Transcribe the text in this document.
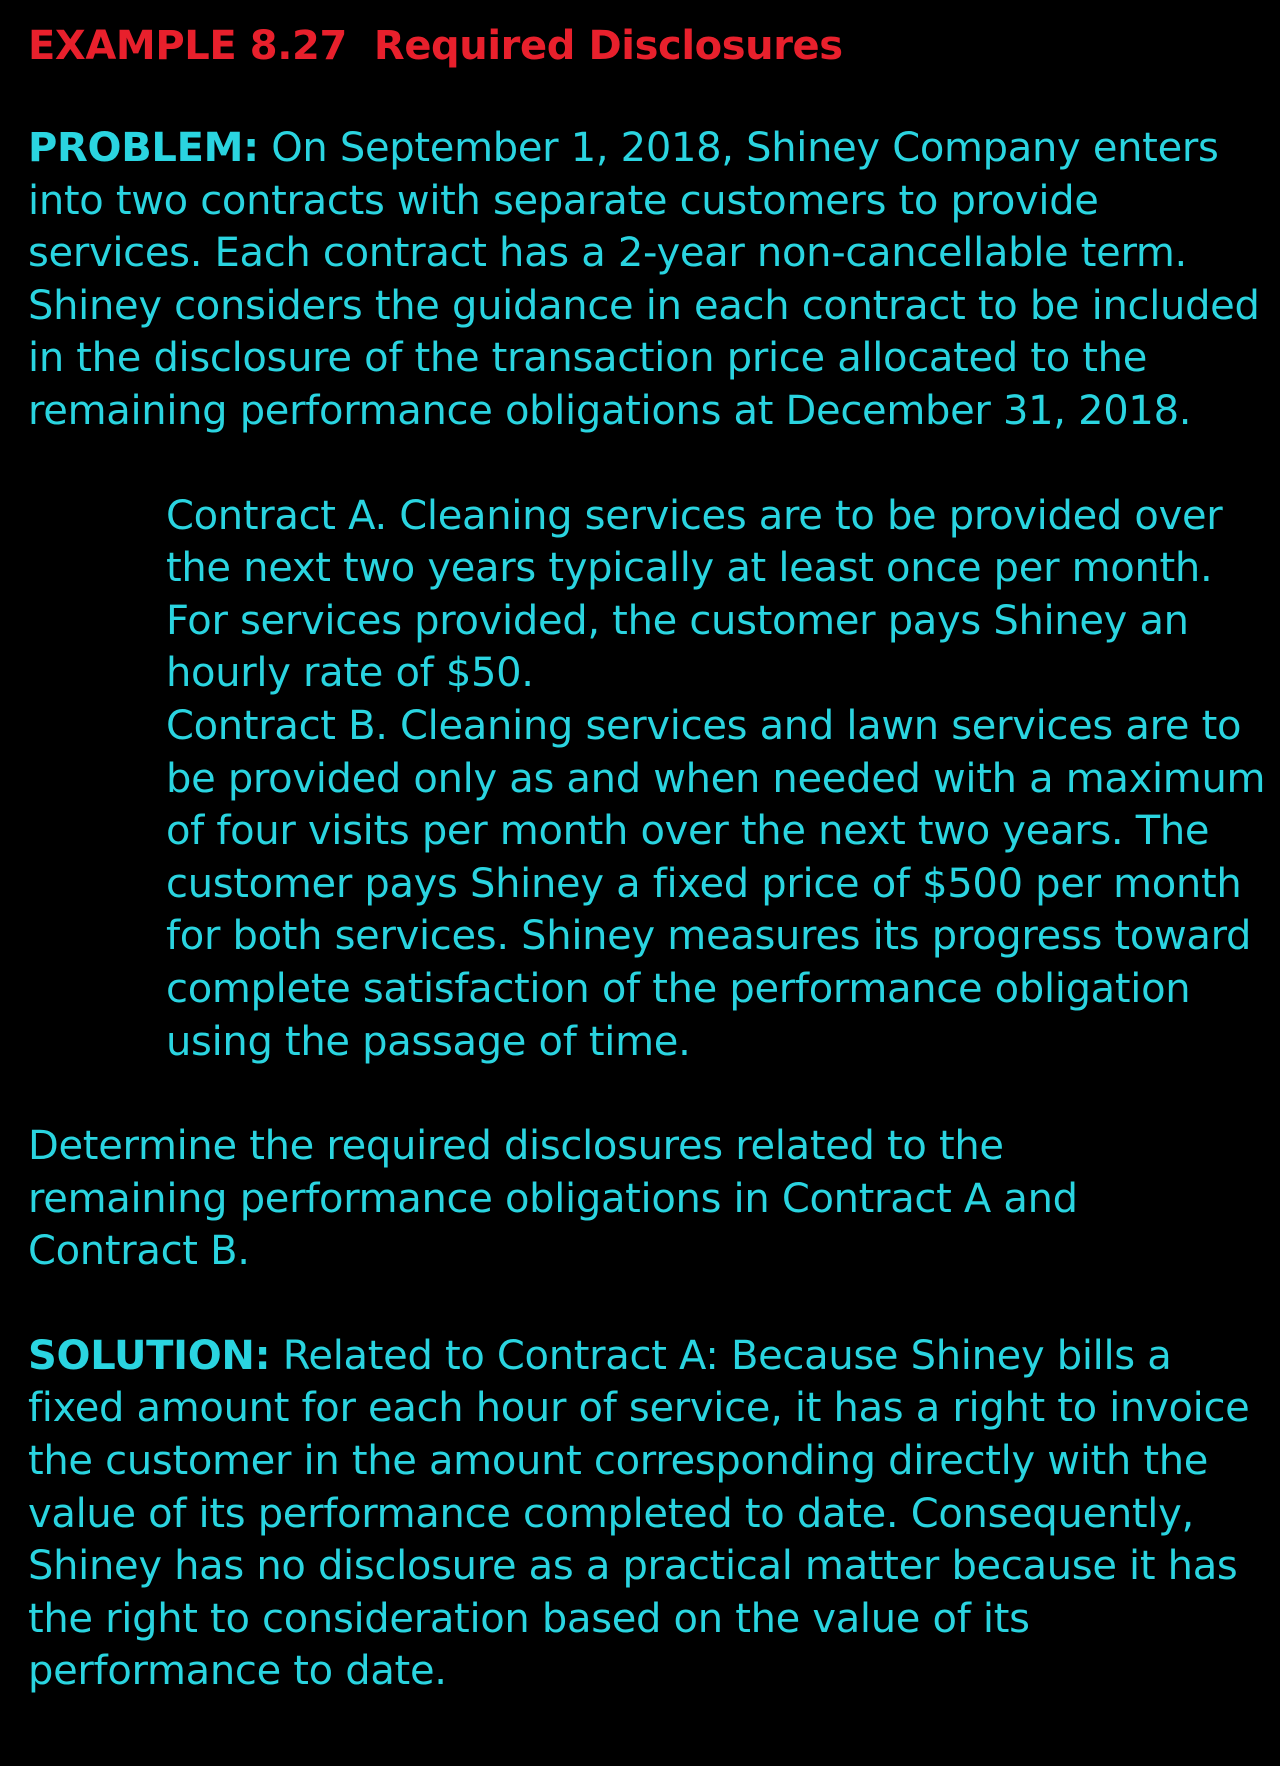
EXAMPLE 8.27  Required Disclosures

PROBLEM: On September 1, 2018, Shiney Company enters into two contracts with separate customers to provide services. Each contract has a 2-year non-cancellable term. Shiney considers the guidance in each contract to be included in the disclosure of the transaction price allocated to the remaining performance obligations at December 31, 2018.

Contract A. Cleaning services are to be provided over the next two years typically at least once per month. For services provided, the customer pays Shiney an hourly rate of $50.

Contract B. Cleaning services and lawn services are to be provided only as and when needed with a maximum of four visits per month over the next two years. The customer pays Shiney a fixed price of $500 per month for both services. Shiney measures its progress toward complete satisfaction of the performance obligation using the passage of time.

Determine the required disclosures related to the remaining performance obligations in Contract A and Contract B.

SOLUTION: Related to Contract A: Because Shiney bills a fixed amount for each hour of service, it has a right to invoice the customer in the amount corresponding directly with the value of its performance completed to date. Consequently, Shiney has no disclosure as a practical matter because it has the right to consideration based on the value of its performance to date.
